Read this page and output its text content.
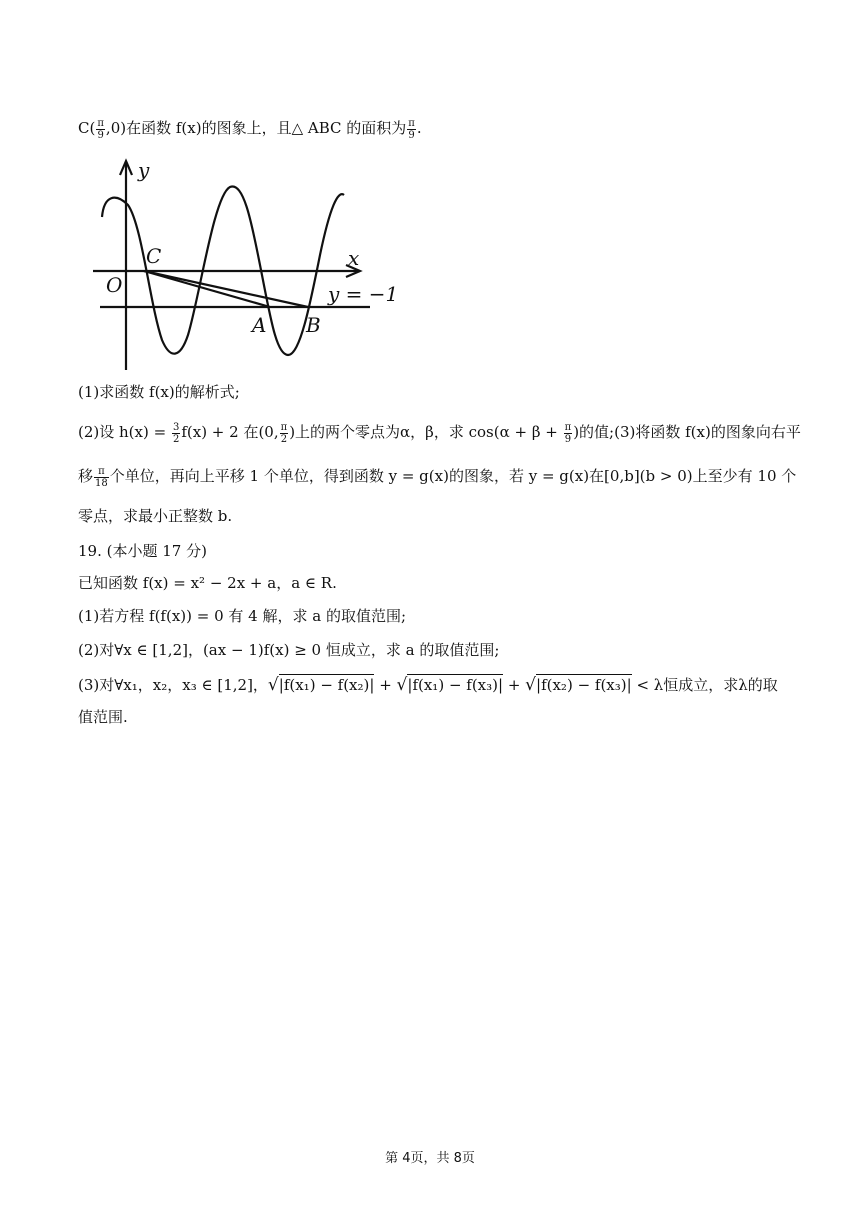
$C( \frac{\pi}{9} ,0)$在函数 f(x)的图象上，且△ ABC 的面积为 $\frac{\pi}{9}$ .
y
x
O
C
A B
y = −1
(1)求函数 f(x)的解析式;
(2)设 $h(x) = \frac{3}{2} f(x) + 2$ 在(0, $\frac{\pi}{2}$ )上的两个零点为α，β，求 $\cos(\alpha + \beta + \frac{\pi}{9}$ )的值;(3)将函数 f(x)的图象向右平
移 $\frac{\pi}{18}$ 个单位，再向上平移 1 个单位，得到函数 y = g(x)的图象，若 y = g(x)在[0,b](b > 0)上至少有 10 个
零点，求最小正整数 b.
19. (本小题 17 分)
已知函数 f(x) = x² − 2x + a，a ∈ R.
(1)若方程 f(f(x)) = 0 有 4 解，求 a 的取值范围;
(2)对∀x ∈ [1,2]，(ax − 1)f(x) ≥ 0 恒成立，求 a 的取值范围;
(3)对∀x₁，x₂，x₃ ∈ [1,2]，√|f(x₁) − f(x₂)| + √|f(x₁) − f(x₃)| + √|f(x₂) − f(x₃)| < λ恒成立，求λ的取
值范围.
第 4页，共 8页
